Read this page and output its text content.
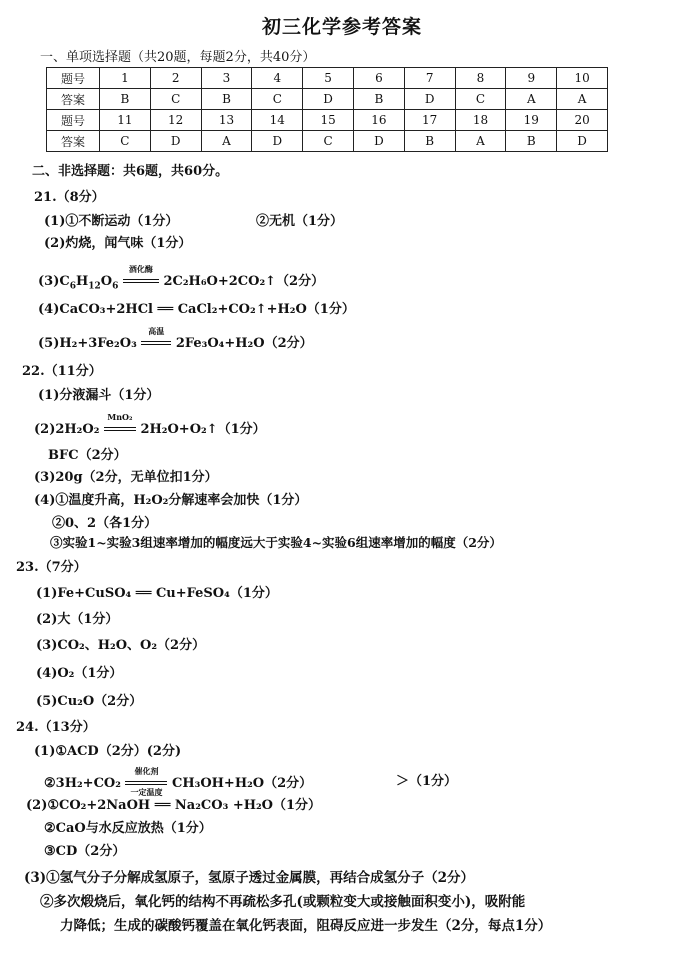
初三化学参考答案
一、单项选择题（共20题，每题2分，共40分）
题号	1	2	3	4	5	6	7	8	9	10
答案	B	C	B	C	D	B	D	C	A	A
题号	11	12	13	14	15	16	17	18	19	20
答案	C	D	A	D	C	D	B	A	B	D
二、非选择题：共6题，共60分。
21.（8分）
(1)①不断运动（1分）	②无机（1分）
(2)灼烧，闻气味（1分）
$(3)C_6H_{12}O_6$
酒化酶
2C₂H₆O+2CO₂↑（2分）
(4)CaCO₃+2HCl ══ CaCl₂+CO₂↑+H₂O（1分）
(5)H₂+3Fe₂O₃
高温
2Fe₃O₄+H₂O（2分）
22.（11分）
(1)分液漏斗（1分）
(2)2H₂O₂
MnO₂
2H₂O+O₂↑（1分）
BFC（2分）
(3)20g（2分，无单位扣1分）
(4)①温度升高，H₂O₂分解速率会加快（1分）
②0、2（各1分）
③实验1~实验3组速率增加的幅度远大于实验4~实验6组速率增加的幅度（2分）
23.（7分）
(1)Fe+CuSO₄ ══ Cu+FeSO₄（1分）
(2)大（1分）
(3)CO₂、H₂O、O₂（2分）
(4)O₂（1分）
(5)Cu₂O（2分）
24.（13分）
(1)①ACD（2分）(2分)
②3H₂+CO₂
催化剂
一定温度
CH₃OH+H₂O（2分）	＞（1分）
(2)①CO₂+2NaOH ══ Na₂CO₃ +H₂O（1分）
②CaO与水反应放热（1分）
③CD（2分）
(3)①氢气分子分解成氢原子，氢原子透过金属膜，再结合成氢分子（2分）
②多次煅烧后，氧化钙的结构不再疏松多孔(或颗粒变大或接触面积变小)，吸附能
力降低；生成的碳酸钙覆盖在氧化钙表面，阻碍反应进一步发生（2分，每点1分）
